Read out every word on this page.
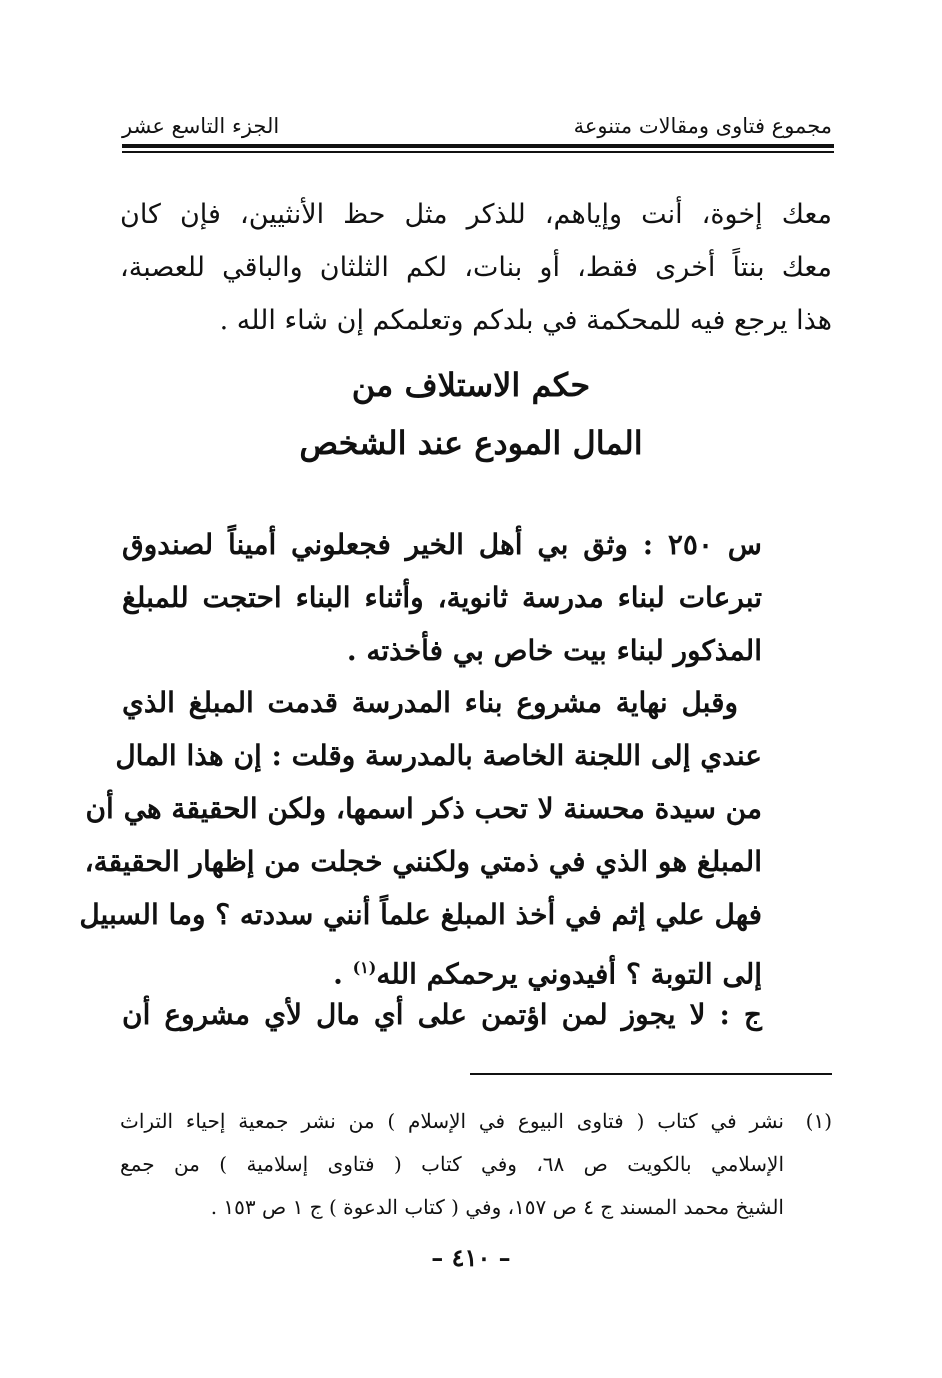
مجموع فتاوى ومقالات متنوعة
الجزء التاسع عشر
معك إخوة، أنت وإياهم، للذكر مثل حظ الأنثيين، فإن كان
معك بنتاً أخرى فقط، أو بنات، لكم الثلثان والباقي للعصبة،
هذا يرجع فيه للمحكمة في بلدكم وتعلمكم إن شاء الله .
حكم الاستلاف من
المال المودع عند الشخص
س ٢٥٠ : وثق بي أهل الخير فجعلوني أميناً لصندوق
تبرعات لبناء مدرسة ثانوية، وأثناء البناء احتجت للمبلغ
المذكور لبناء بيت خاص بي فأخذته .
وقبل نهاية مشروع بناء المدرسة قدمت المبلغ الذي
عندي إلى اللجنة الخاصة بالمدرسة وقلت : إن هذا المال
من سيدة محسنة لا تحب ذكر اسمها، ولكن الحقيقة هي أن
المبلغ هو الذي في ذمتي ولكنني خجلت من إظهار الحقيقة،
فهل علي إثم في أخذ المبلغ علماً أنني سددته ؟ وما السبيل
إلى التوبة ؟ أفيدوني يرحمكم الله$^{(١)}$ .
ج : لا يجوز لمن اؤتمن على أي مال لأي مشروع أن
(١)
نشر في كتاب ( فتاوى البيوع في الإسلام ) من نشر جمعية إحياء التراث
الإسلامي بالكويت ص ٦٨، وفي كتاب ( فتاوى إسلامية ) من جمع
الشيخ محمد المسند ج ٤ ص ١٥٧، وفي ( كتاب الدعوة ) ج ١ ص ١٥٣ .
– ٤١٠ –
